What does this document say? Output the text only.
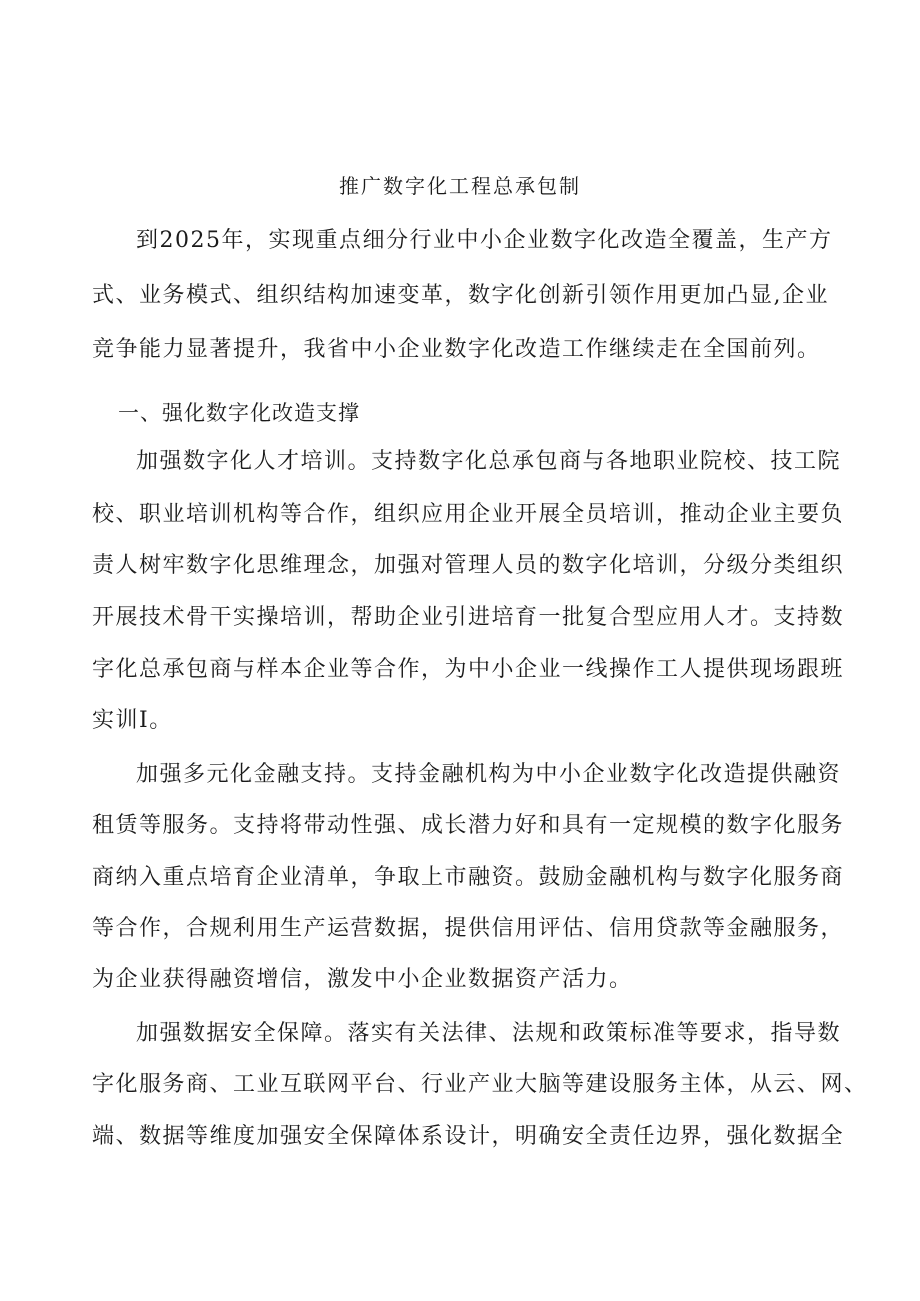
推广数字化工程总承包制
到2025年，实现重点细分行业中小企业数字化改造全覆盖，生产方
式、业务模式、组织结构加速变革，数字化创新引领作用更加凸显,企业
竞争能力显著提升，我省中小企业数字化改造工作继续走在全国前列。
一、强化数字化改造支撑
加强数字化人才培训。支持数字化总承包商与各地职业院校、技工院
校、职业培训机构等合作，组织应用企业开展全员培训，推动企业主要负
责人树牢数字化思维理念，加强对管理人员的数字化培训，分级分类组织
开展技术骨干实操培训，帮助企业引进培育一批复合型应用人才。支持数
字化总承包商与样本企业等合作，为中小企业一线操作工人提供现场跟班
实训I。
加强多元化金融支持。支持金融机构为中小企业数字化改造提供融资
租赁等服务。支持将带动性强、成长潜力好和具有一定规模的数字化服务
商纳入重点培育企业清单，争取上市融资。鼓励金融机构与数字化服务商
等合作，合规利用生产运营数据，提供信用评估、信用贷款等金融服务，
为企业获得融资增信，激发中小企业数据资产活力。
加强数据安全保障。落实有关法律、法规和政策标准等要求，指导数
字化服务商、工业互联网平台、行业产业大脑等建设服务主体，从云、网、
端、数据等维度加强安全保障体系设计，明确安全责任边界，强化数据全
